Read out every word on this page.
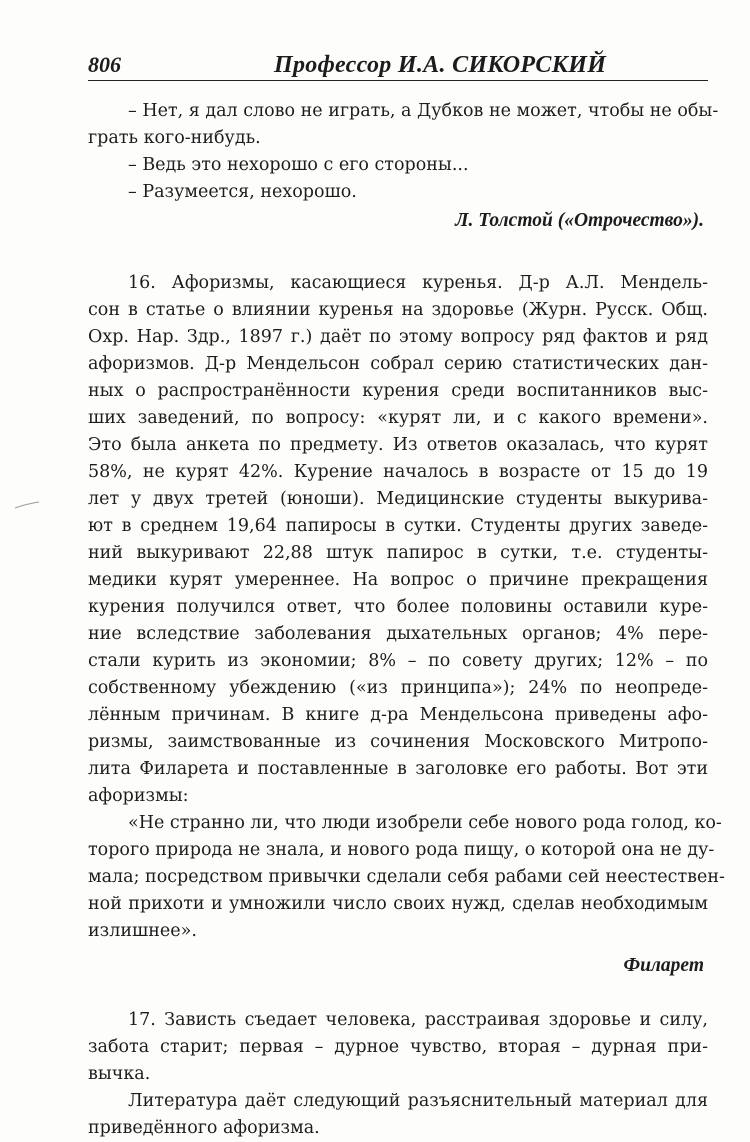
806	Профессор И.А. СИКОРСКИЙ
– Нет, я дал слово не играть, а Дубков не может, чтобы не обы-
грать кого-нибудь.
– Ведь это нехорошо с его стороны...
– Разумеется, нехорошо.
Л. Толстой («Отрочество»).
16. Афоризмы, касающиеся куренья. Д-р А.Л. Мендель-
сон в статье о влиянии куренья на здоровье (Журн. Русск. Общ.
Охр. Нар. Здр., 1897 г.) даёт по этому вопросу ряд фактов и ряд
афоризмов. Д-р Мендельсон собрал серию статистических дан-
ных о распространённости курения среди воспитанников выс-
ших заведений, по вопросу: «курят ли, и с какого времени».
Это была анкета по предмету. Из ответов оказалась, что курят
58%, не курят 42%. Курение началось в возрасте от 15 до 19
лет у двух третей (юноши). Медицинские студенты выкурива-
ют в среднем 19,64 папиросы в сутки. Студенты других заведе-
ний выкуривают 22,88 штук папирос в сутки, т.е. студенты-
медики курят умереннее. На вопрос о причине прекращения
курения получился ответ, что более половины оставили куре-
ние вследствие заболевания дыхательных органов; 4% пере-
стали курить из экономии; 8% – по совету других; 12% – по
собственному убеждению («из принципа»); 24% по неопреде-
лённым причинам. В книге д-ра Мендельсона приведены афо-
ризмы, заимствованные из сочинения Московского Митропо-
лита Филарета и поставленные в заголовке его работы. Вот эти
афоризмы:
«Не странно ли, что люди изобрели себе нового рода голод, ко-
торого природа не знала, и нового рода пищу, о которой она не ду-
мала; посредством привычки сделали себя рабами сей неестествен-
ной прихоти и умножили число своих нужд, сделав необходимым
излишнее».
Филарет
17. Зависть съедает человека, расстраивая здоровье и силу,
забота старит; первая – дурное чувство, вторая – дурная при-
вычка.
Литература даёт следующий разъяснительный материал для
приведённого афоризма.
